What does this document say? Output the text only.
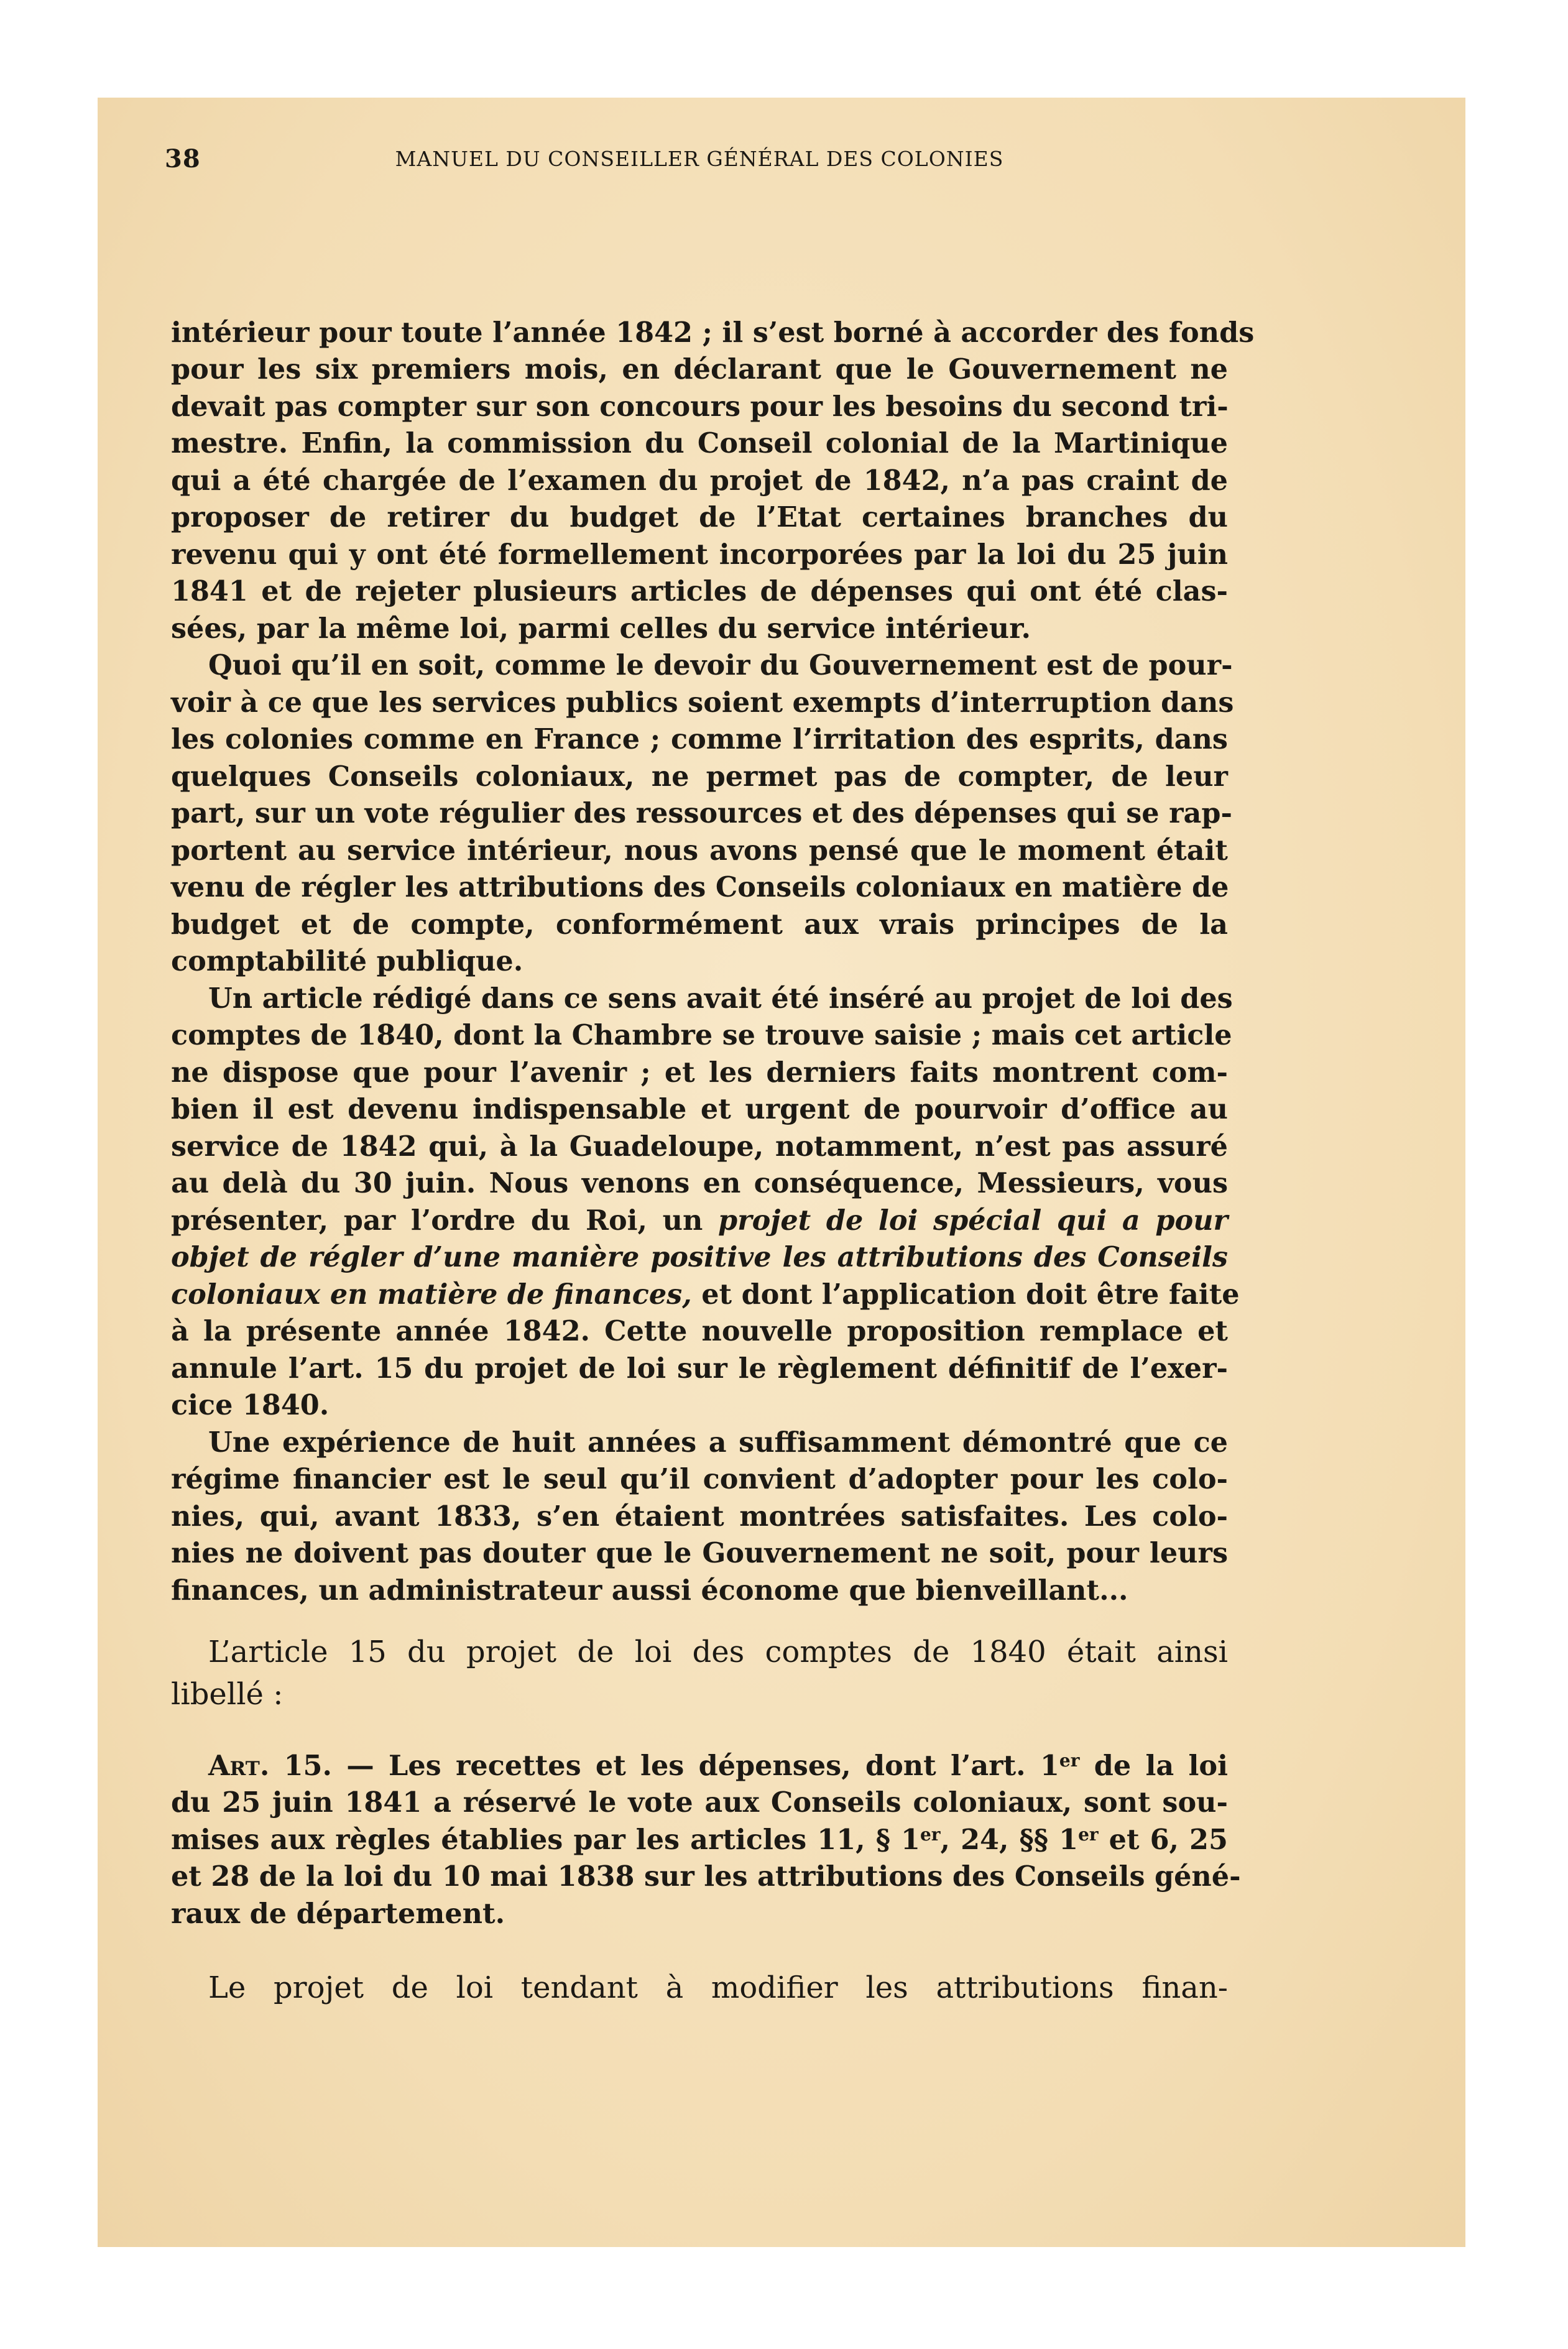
38	MANUEL DU CONSEILLER GÉNÉRAL DES COLONIES
intérieur pour toute l’année 1842 ; il s’est borné à accorder des fonds
pour les six premiers mois, en déclarant que le Gouvernement ne
devait pas compter sur son concours pour les besoins du second tri-
mestre. Enfin, la commission du Conseil colonial de la Martinique
qui a été chargée de l’examen du projet de 1842, n’a pas craint de
proposer de retirer du budget de l’Etat certaines branches du
revenu qui y ont été formellement incorporées par la loi du 25 juin
1841 et de rejeter plusieurs articles de dépenses qui ont été clas-
sées, par la même loi, parmi celles du service intérieur.
Quoi qu’il en soit, comme le devoir du Gouvernement est de pour-
voir à ce que les services publics soient exempts d’interruption dans
les colonies comme en France ; comme l’irritation des esprits, dans
quelques Conseils coloniaux, ne permet pas de compter, de leur
part, sur un vote régulier des ressources et des dépenses qui se rap-
portent au service intérieur, nous avons pensé que le moment était
venu de régler les attributions des Conseils coloniaux en matière de
budget et de compte, conformément aux vrais principes de la
comptabilité publique.
Un article rédigé dans ce sens avait été inséré au projet de loi des
comptes de 1840, dont la Chambre se trouve saisie ; mais cet article
ne dispose que pour l’avenir ; et les derniers faits montrent com-
bien il est devenu indispensable et urgent de pourvoir d’office au
service de 1842 qui, à la Guadeloupe, notamment, n’est pas assuré
au delà du 30 juin. Nous venons en conséquence, Messieurs, vous
présenter, par l’ordre du Roi, un projet de loi spécial qui a pour
objet de régler d’une manière positive les attributions des Conseils
coloniaux en matière de finances, et dont l’application doit être faite
à la présente année 1842. Cette nouvelle proposition remplace et
annule l’art. 15 du projet de loi sur le règlement définitif de l’exer-
cice 1840.
Une expérience de huit années a suffisamment démontré que ce
régime financier est le seul qu’il convient d’adopter pour les colo-
nies, qui, avant 1833, s’en étaient montrées satisfaites. Les colo-
nies ne doivent pas douter que le Gouvernement ne soit, pour leurs
finances, un administrateur aussi économe que bienveillant...
L’article 15 du projet de loi des comptes de 1840 était ainsi
libellé :
Art. 15. — Les recettes et les dépenses, dont l’art. 1er de la loi
du 25 juin 1841 a réservé le vote aux Conseils coloniaux, sont sou-
mises aux règles établies par les articles 11, § 1er, 24, §§ 1er et 6, 25
et 28 de la loi du 10 mai 1838 sur les attributions des Conseils géné-
raux de département.
Le projet de loi tendant à modifier les attributions finan-
